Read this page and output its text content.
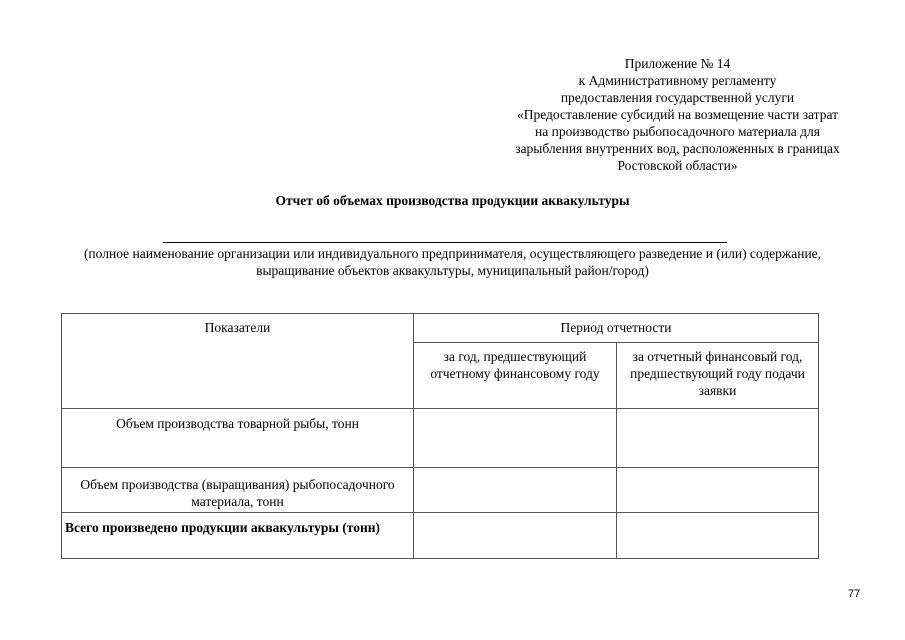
Приложение № 14
к Административному регламенту
предоставления государственной услуги
«Предоставление субсидий на возмещение части затрат
на производство рыбопосадочного материала для
зарыбления внутренних вод, расположенных в границах
Ростовской области»
Отчет об объемах производства продукции аквакультуры
(полное наименование организации или индивидуального предпринимателя, осуществляющего разведение и (или) содержание,
выращивание объектов аквакультуры, муниципальный район/город)
Показатели	Период отчетности	
	за год, предшествующий отчетному финансовому году	за отчетный финансовый год, предшествующий году подачи заявки
Объем производства товарной рыбы, тонн		
Объем производства (выращивания) рыбопосадочного материала, тонн		
Всего произведено продукции аквакультуры (тонн)		
77
